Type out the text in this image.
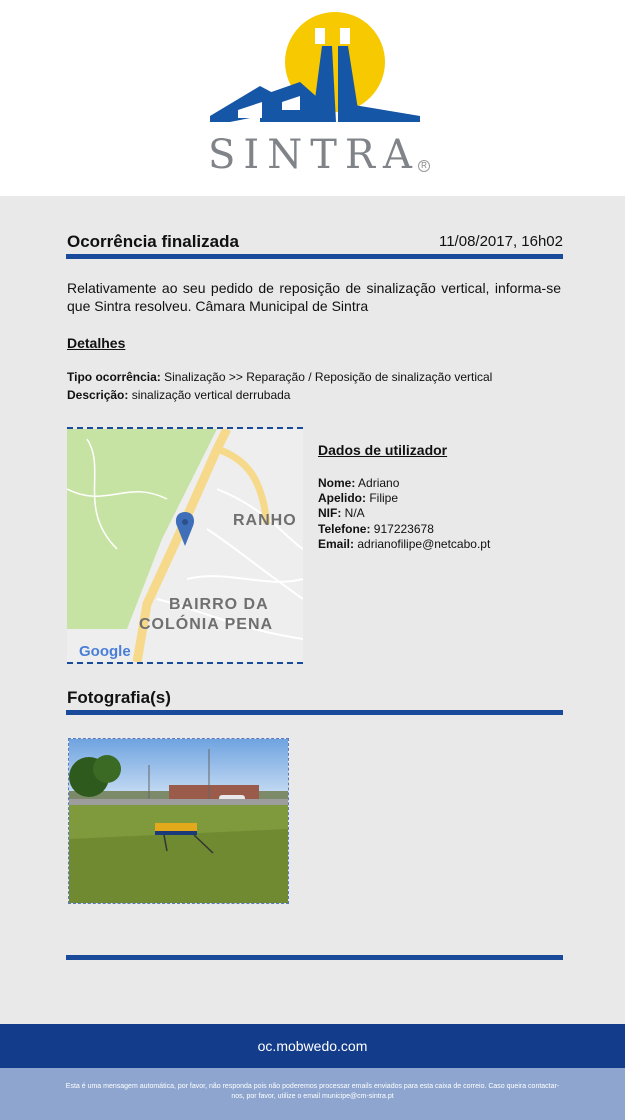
SINTRA R
Ocorrência finalizada	11/08/2017, 16h02
Relativamente ao seu pedido de reposição de sinalização vertical, informa-se que Sintra resolveu. Câmara Municipal de Sintra
Detalhes
Tipo ocorrência: Sinalização >> Reparação / Reposição de sinalização vertical
Descrição: sinalização vertical derrubada
RANHO
BAIRRO DA
COLÓNIA PENA
Google
Dados de utilizador
Nome: Adriano
Apelido: Filipe
NIF: N/A
Telefone: 917223678
Email: adrianofilipe@netcabo.pt
Fotografia(s)
oc.mobwedo.com

Esta é uma mensagem automática, por favor, não responda pois não poderemos processar emails enviados para esta caixa de correio. Caso queira contactar-nos, por favor, utilize o email municipe@cm-sintra.pt
